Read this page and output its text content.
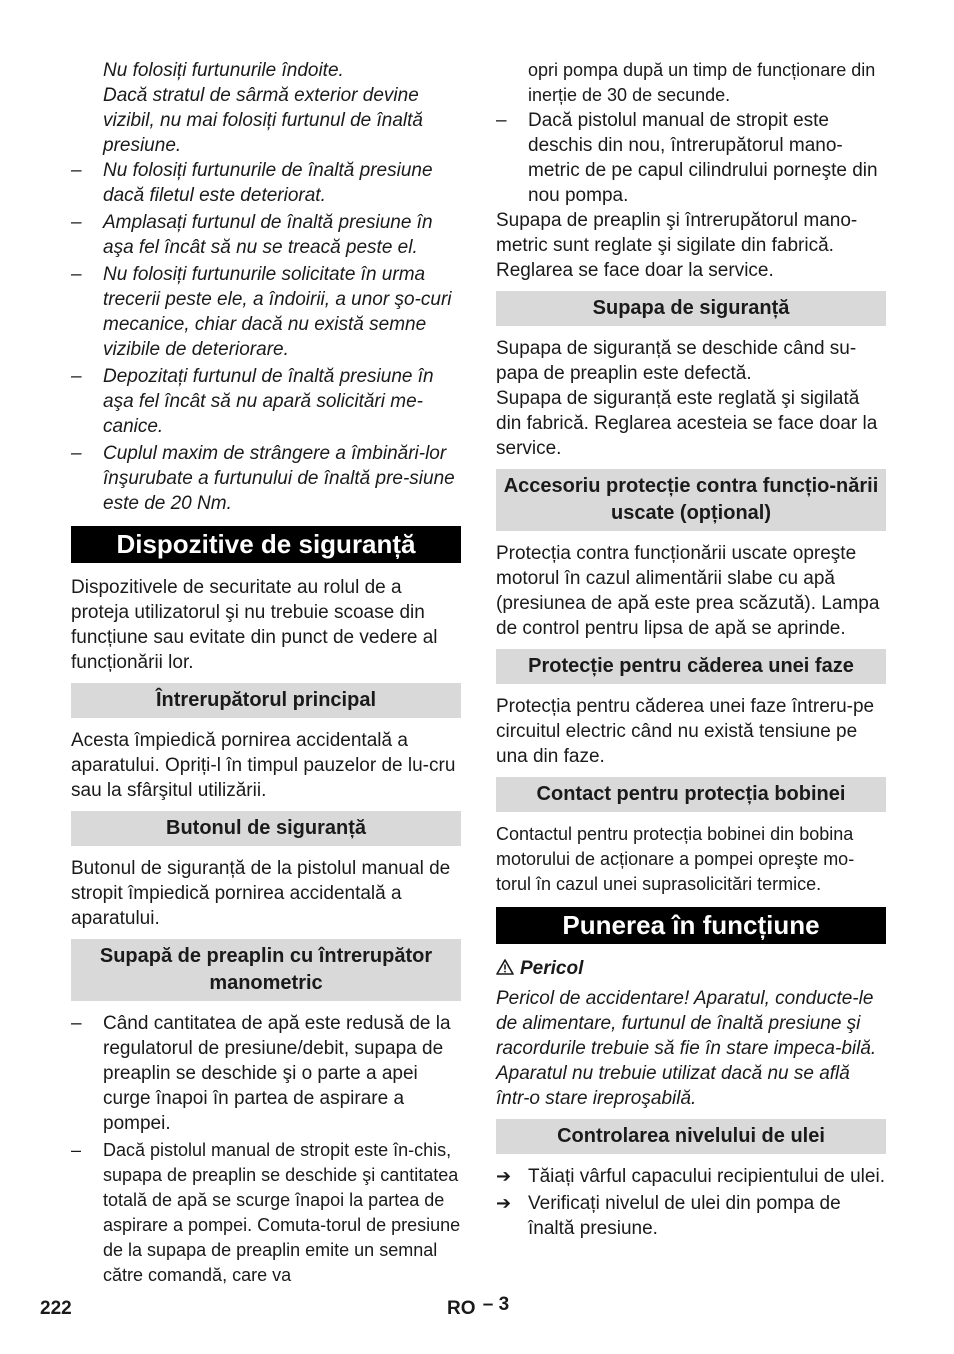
Nu folosiți furtunurile îndoite.

Dacă stratul de sârmă exterior devine vizibil, nu mai folosiți furtunul de înaltă presiune.

– Nu folosiți furtunurile de înaltă presiune dacă filetul este deteriorat.
– Amplasați furtunul de înaltă presiune în aşa fel încât să nu se treacă peste el.
– Nu folosiți furtunurile solicitate în urma trecerii peste ele, a îndoirii, a unor şo-curi mecanice, chiar dacă nu există semne vizibile de deteriorare.
– Depozitați furtunul de înaltă presiune în aşa fel încât să nu apară solicitări me-canice.
– Cuplul maxim de strângere a îmbinări-lor înşurubate a furtunului de înaltă pre-siune este de 20 Nm.
Dispozitive de siguranță

Dispozitivele de securitate au rolul de a proteja utilizatorul şi nu trebuie scoase din funcțiune sau evitate din punct de vedere al funcționării lor.

Întrerupătorul principal

Acesta împiedică pornirea accidentală a aparatului. Opriți-l în timpul pauzelor de lu-cru sau la sfârşitul utilizării.

Butonul de siguranță

Butonul de siguranță de la pistolul manual de stropit împiedică pornirea accidentală a aparatului.

Supapă de preaplin cu întrerupător manometric
– Când cantitatea de apă este redusă de la regulatorul de presiune/debit, supapa de preaplin se deschide şi o parte a apei curge înapoi în partea de aspirare a pompei.
– Dacă pistolul manual de stropit este în-chis, supapa de preaplin se deschide şi cantitatea totală de apă se scurge înapoi la partea de aspirare a pompei. Comuta-torul de presiune de la supapa de preaplin emite un semnal către comandă, care va

opri pompa după un timp de funcționare din inerție de 30 de secunde.

– Dacă pistolul manual de stropit este deschis din nou, întrerupătorul mano-metric de pe capul cilindrului porneşte din nou pompa.

Supapa de preaplin şi întrerupătorul mano-metric sunt reglate şi sigilate din fabrică. Reglarea se face doar la service.

Supapa de siguranță

Supapa de siguranță se deschide când su-papa de preaplin este defectă.

Supapa de siguranță este reglată şi sigilată din fabrică. Reglarea acesteia se face doar la service.

Accesoriu protecție contra funcțio-nării uscate (opțional)

Protecția contra funcționării uscate opreşte motorul în cazul alimentării slabe cu apă (presiunea de apă este prea scăzută). Lampa de control pentru lipsa de apă se aprinde.

Protecție pentru căderea unei faze

Protecția pentru căderea unei faze întreru-pe circuitul electric când nu există tensiune pe una din faze.

Contact pentru protecția bobinei

Contactul pentru protecția bobinei din bobina motorului de acționare a pompei opreşte mo-torul în cazul unei suprasolicitări termice.

Punerea în funcțiune
Pericol

Pericol de accidentare! Aparatul, conducte-le de alimentare, furtunul de înaltă presiune şi racordurile trebuie să fie în stare impeca-bilă. Aparatul nu trebuie utilizat dacă nu se află într-o stare ireproşabilă.

Controlarea nivelului de ulei
➔ Tăiați vârful capacului recipientului de ulei.
➔ Verificați nivelul de ulei din pompa de înaltă presiune.
222	RO – 3
